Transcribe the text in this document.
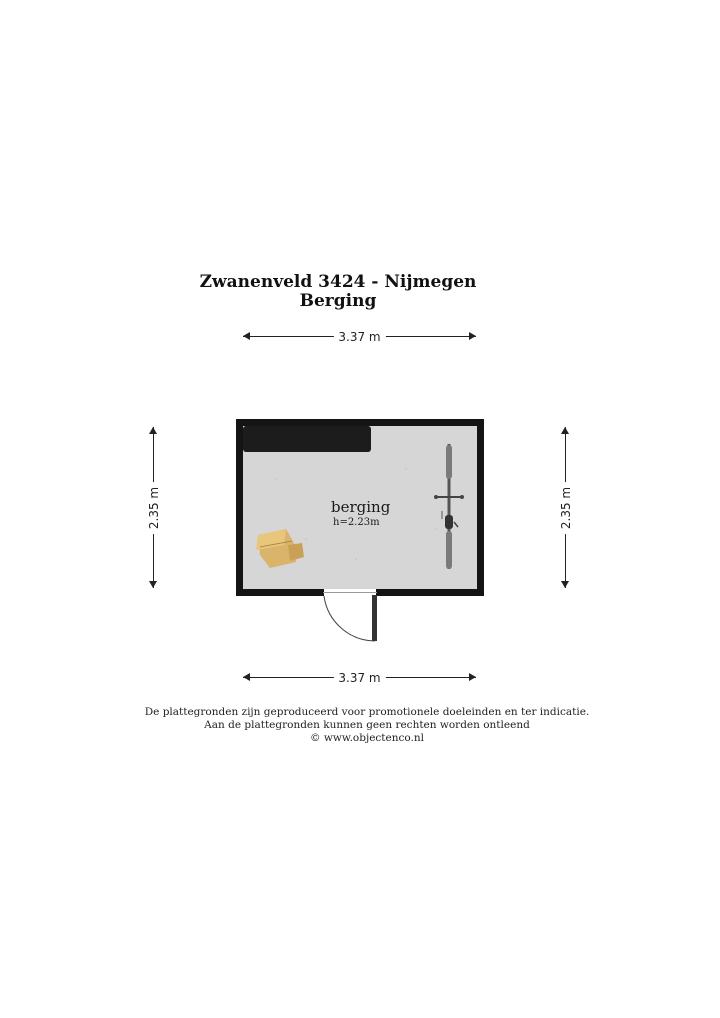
Zwanenveld 3424 - Nijmegen
Berging
3.37 m
2.35 m	2.35 m
berging
h=2.23m
3.37 m
De plattegronden zijn geproduceerd voor promotionele doeleinden en ter indicatie.
Aan de plattegronden kunnen geen rechten worden ontleend
© www.objectenco.nl
